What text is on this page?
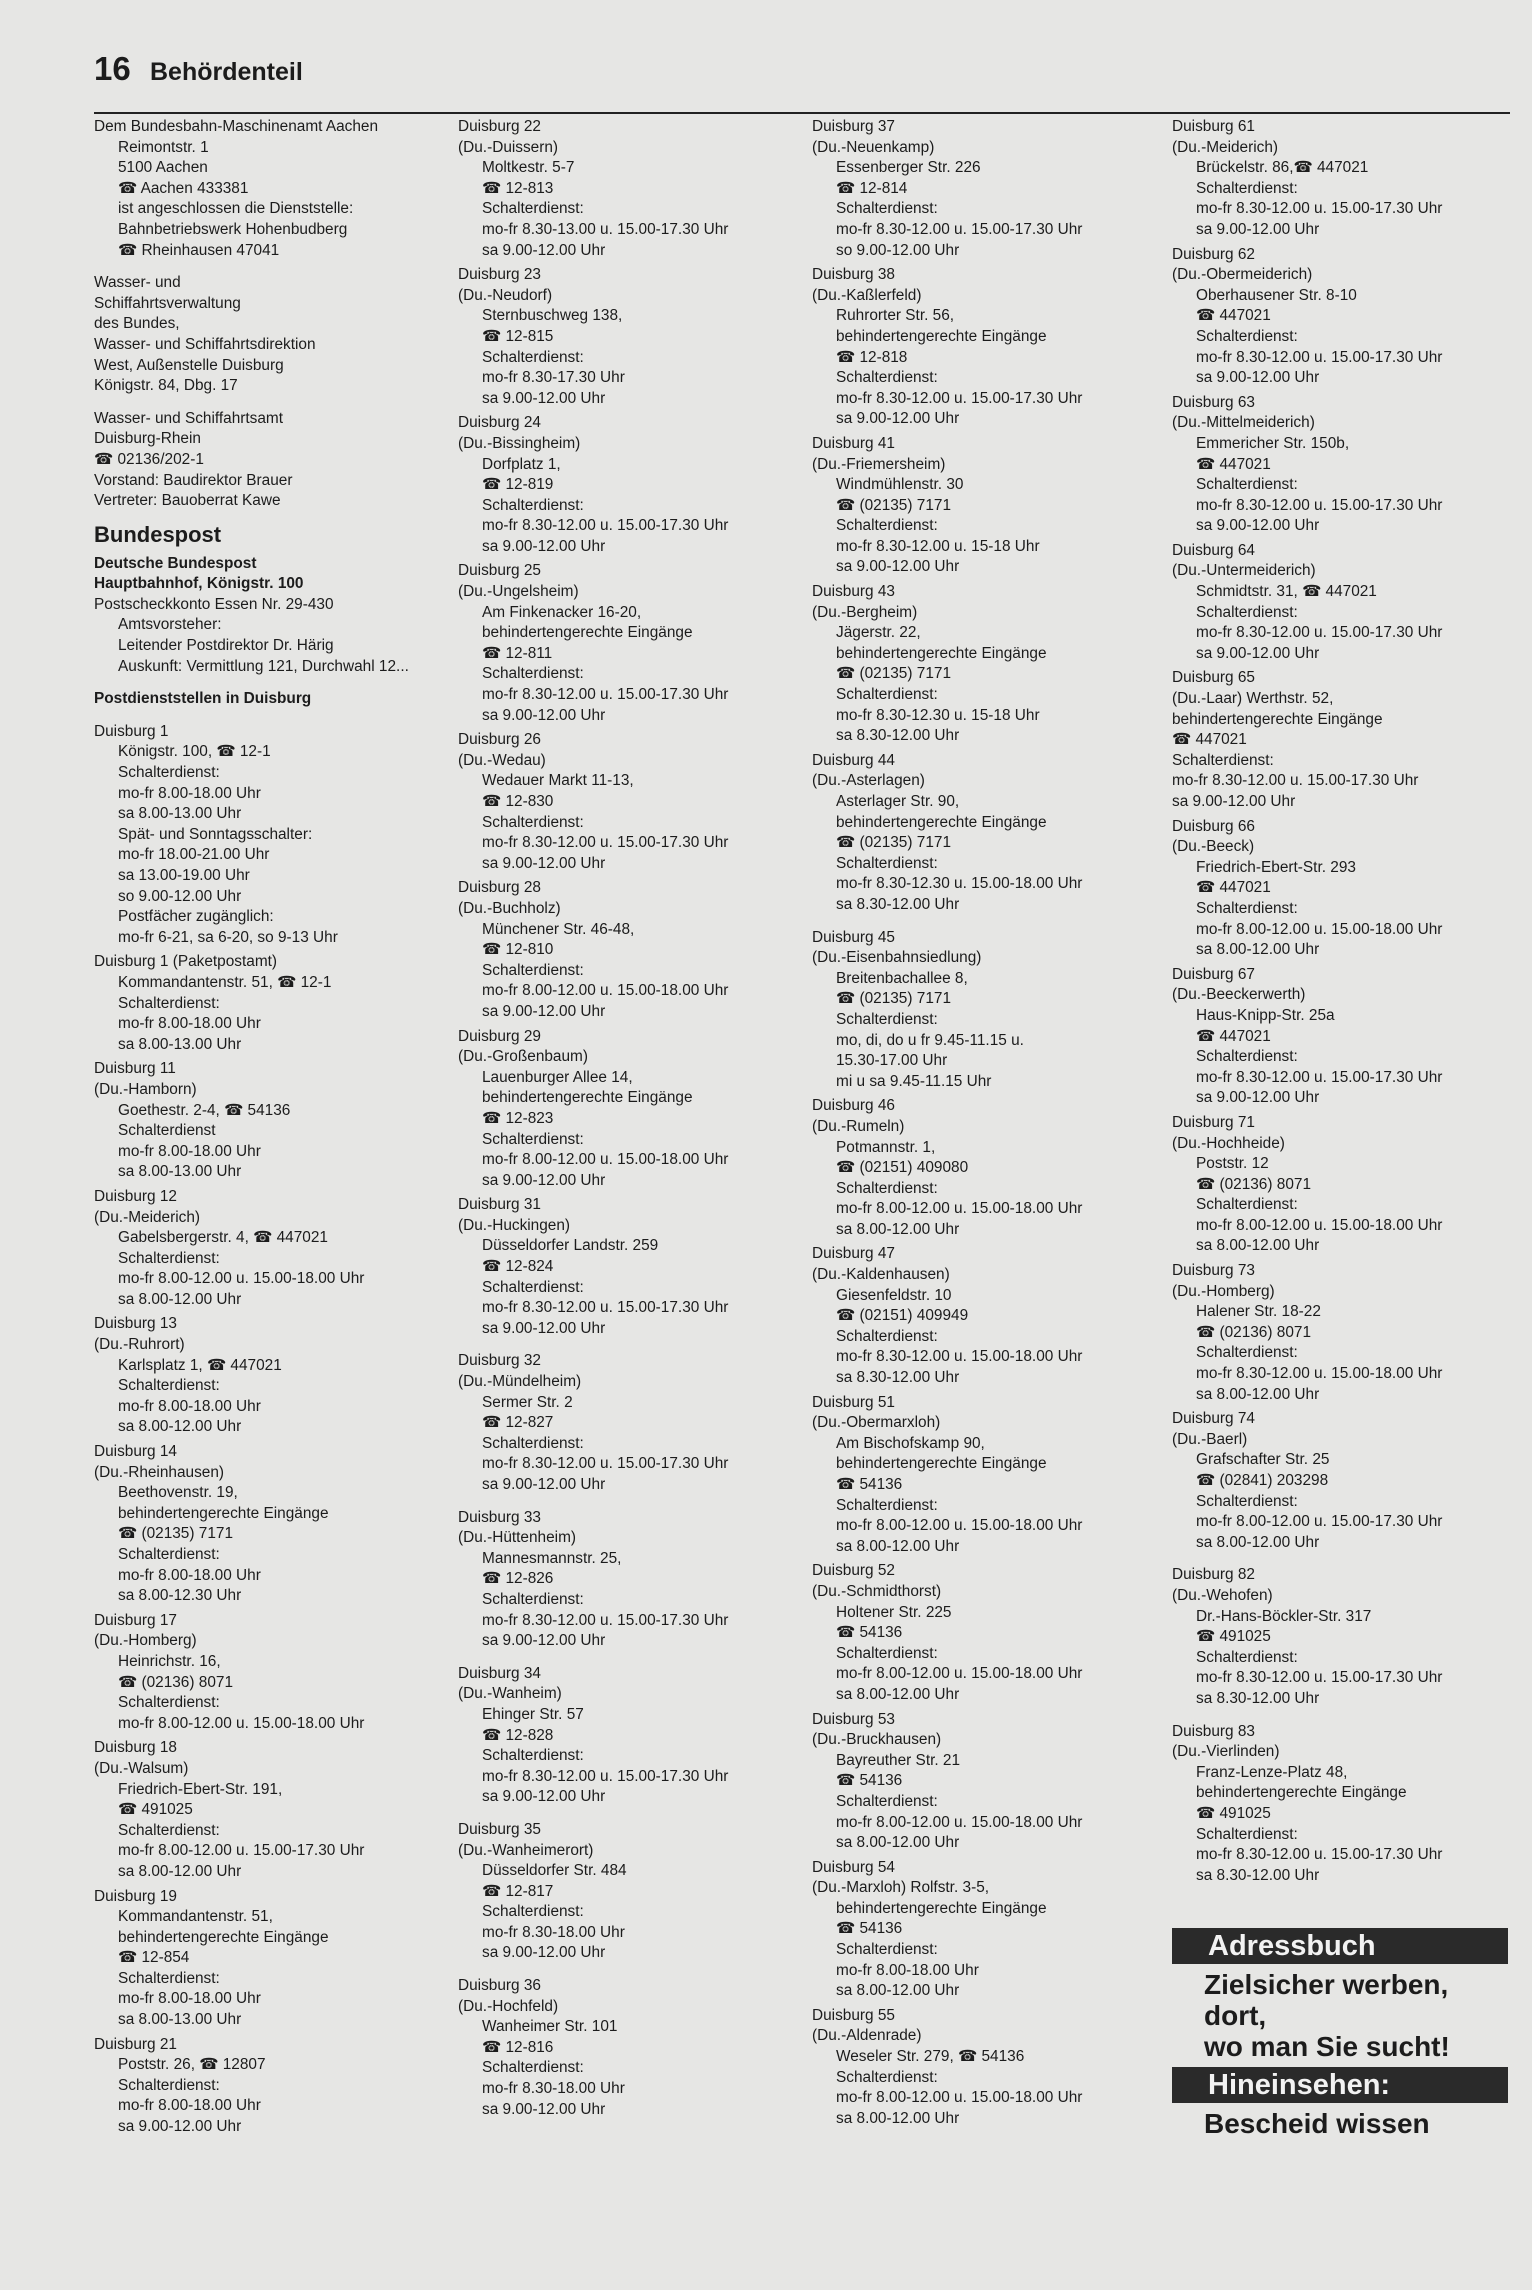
16 Behördenteil
Dem Bundesbahn-Maschinenamt Aachen
Reimontstr. 1
5100 Aachen
☎ Aachen 433381
ist angeschlossen die Dienststelle:
Bahnbetriebswerk Hohenbudberg
☎ Rheinhausen 47041
Wasser- und
Schiffahrtsverwaltung
des Bundes,
Wasser- und Schiffahrtsdirektion
West, Außenstelle Duisburg
Königstr. 84, Dbg. 17
Wasser- und Schiffahrtsamt
Duisburg-Rhein
☎ 02136/202-1
Vorstand: Baudirektor Brauer
Vertreter: Bauoberrat Kawe
Bundespost
Deutsche Bundespost
Hauptbahnhof, Königstr. 100
Postscheckkonto Essen Nr. 29-430
Amtsvorsteher:
Leitender Postdirektor Dr. Härig
Auskunft: Vermittlung 121, Durchwahl 12...
Postdienststellen in Duisburg
Duisburg 1
Königstr. 100, ☎ 12-1
Schalterdienst:
mo-fr 8.00-18.00 Uhr
sa 8.00-13.00 Uhr
Spät- und Sonntagsschalter:
mo-fr 18.00-21.00 Uhr
sa 13.00-19.00 Uhr
so 9.00-12.00 Uhr
Postfächer zugänglich:
mo-fr 6-21, sa 6-20, so 9-13 Uhr
Duisburg 1 (Paketpostamt)
Kommandantenstr. 51, ☎ 12-1
Schalterdienst:
mo-fr 8.00-18.00 Uhr
sa 8.00-13.00 Uhr
Duisburg 11
(Du.-Hamborn)
Goethestr. 2-4, ☎ 54136
Schalterdienst
mo-fr 8.00-18.00 Uhr
sa 8.00-13.00 Uhr
Duisburg 12
(Du.-Meiderich)
Gabelsbergerstr. 4, ☎ 447021
Schalterdienst:
mo-fr 8.00-12.00 u. 15.00-18.00 Uhr
sa 8.00-12.00 Uhr
Duisburg 13
(Du.-Ruhrort)
Karlsplatz 1, ☎ 447021
Schalterdienst:
mo-fr 8.00-18.00 Uhr
sa 8.00-12.00 Uhr
Duisburg 14
(Du.-Rheinhausen)
Beethovenstr. 19,
behindertengerechte Eingänge
☎ (02135) 7171
Schalterdienst:
mo-fr 8.00-18.00 Uhr
sa 8.00-12.30 Uhr
Duisburg 17
(Du.-Homberg)
Heinrichstr. 16,
☎ (02136) 8071
Schalterdienst:
mo-fr 8.00-12.00 u. 15.00-18.00 Uhr
Duisburg 18
(Du.-Walsum)
Friedrich-Ebert-Str. 191,
☎ 491025
Schalterdienst:
mo-fr 8.00-12.00 u. 15.00-17.30 Uhr
sa 8.00-12.00 Uhr
Duisburg 19
Kommandantenstr. 51,
behindertengerechte Eingänge
☎ 12-854
Schalterdienst:
mo-fr 8.00-18.00 Uhr
sa 8.00-13.00 Uhr
Duisburg 21
Poststr. 26, ☎ 12807
Schalterdienst:
mo-fr 8.00-18.00 Uhr
sa 9.00-12.00 Uhr
Duisburg 22
(Du.-Duissern)
Moltkestr. 5-7
☎ 12-813
Schalterdienst:
mo-fr 8.30-13.00 u. 15.00-17.30 Uhr
sa 9.00-12.00 Uhr
Duisburg 23
(Du.-Neudorf)
Sternbuschweg 138,
☎ 12-815
Schalterdienst:
mo-fr 8.30-17.30 Uhr
sa 9.00-12.00 Uhr
Duisburg 24
(Du.-Bissingheim)
Dorfplatz 1,
☎ 12-819
Schalterdienst:
mo-fr 8.30-12.00 u. 15.00-17.30 Uhr
sa 9.00-12.00 Uhr
Duisburg 25
(Du.-Ungelsheim)
Am Finkenacker 16-20,
behindertengerechte Eingänge
☎ 12-811
Schalterdienst:
mo-fr 8.30-12.00 u. 15.00-17.30 Uhr
sa 9.00-12.00 Uhr
Duisburg 26
(Du.-Wedau)
Wedauer Markt 11-13,
☎ 12-830
Schalterdienst:
mo-fr 8.30-12.00 u. 15.00-17.30 Uhr
sa 9.00-12.00 Uhr
Duisburg 28
(Du.-Buchholz)
Münchener Str. 46-48,
☎ 12-810
Schalterdienst:
mo-fr 8.00-12.00 u. 15.00-18.00 Uhr
sa 9.00-12.00 Uhr
Duisburg 29
(Du.-Großenbaum)
Lauenburger Allee 14,
behindertengerechte Eingänge
☎ 12-823
Schalterdienst:
mo-fr 8.00-12.00 u. 15.00-18.00 Uhr
sa 9.00-12.00 Uhr
Duisburg 31
(Du.-Huckingen)
Düsseldorfer Landstr. 259
☎ 12-824
Schalterdienst:
mo-fr 8.30-12.00 u. 15.00-17.30 Uhr
sa 9.00-12.00 Uhr
Duisburg 32
(Du.-Mündelheim)
Sermer Str. 2
☎ 12-827
Schalterdienst:
mo-fr 8.30-12.00 u. 15.00-17.30 Uhr
sa 9.00-12.00 Uhr
Duisburg 33
(Du.-Hüttenheim)
Mannesmannstr. 25,
☎ 12-826
Schalterdienst:
mo-fr 8.30-12.00 u. 15.00-17.30 Uhr
sa 9.00-12.00 Uhr
Duisburg 34
(Du.-Wanheim)
Ehinger Str. 57
☎ 12-828
Schalterdienst:
mo-fr 8.30-12.00 u. 15.00-17.30 Uhr
sa 9.00-12.00 Uhr
Duisburg 35
(Du.-Wanheimerort)
Düsseldorfer Str. 484
☎ 12-817
Schalterdienst:
mo-fr 8.30-18.00 Uhr
sa 9.00-12.00 Uhr
Duisburg 36
(Du.-Hochfeld)
Wanheimer Str. 101
☎ 12-816
Schalterdienst:
mo-fr 8.30-18.00 Uhr
sa 9.00-12.00 Uhr
Duisburg 37
(Du.-Neuenkamp)
Essenberger Str. 226
☎ 12-814
Schalterdienst:
mo-fr 8.30-12.00 u. 15.00-17.30 Uhr
so 9.00-12.00 Uhr
Duisburg 38
(Du.-Kaßlerfeld)
Ruhrorter Str. 56,
behindertengerechte Eingänge
☎ 12-818
Schalterdienst:
mo-fr 8.30-12.00 u. 15.00-17.30 Uhr
sa 9.00-12.00 Uhr
Duisburg 41
(Du.-Friemersheim)
Windmühlenstr. 30
☎ (02135) 7171
Schalterdienst:
mo-fr 8.30-12.00 u. 15-18 Uhr
sa 9.00-12.00 Uhr
Duisburg 43
(Du.-Bergheim)
Jägerstr. 22,
behindertengerechte Eingänge
☎ (02135) 7171
Schalterdienst:
mo-fr 8.30-12.30 u. 15-18 Uhr
sa 8.30-12.00 Uhr
Duisburg 44
(Du.-Asterlagen)
Asterlager Str. 90,
behindertengerechte Eingänge
☎ (02135) 7171
Schalterdienst:
mo-fr 8.30-12.30 u. 15.00-18.00 Uhr
sa 8.30-12.00 Uhr
Duisburg 45
(Du.-Eisenbahnsiedlung)
Breitenbachallee 8,
☎ (02135) 7171
Schalterdienst:
mo, di, do u fr 9.45-11.15 u.
15.30-17.00 Uhr
mi u sa 9.45-11.15 Uhr
Duisburg 46
(Du.-Rumeln)
Potmannstr. 1,
☎ (02151) 409080
Schalterdienst:
mo-fr 8.00-12.00 u. 15.00-18.00 Uhr
sa 8.00-12.00 Uhr
Duisburg 47
(Du.-Kaldenhausen)
Giesenfeldstr. 10
☎ (02151) 409949
Schalterdienst:
mo-fr 8.30-12.00 u. 15.00-18.00 Uhr
sa 8.30-12.00 Uhr
Duisburg 51
(Du.-Obermarxloh)
Am Bischofskamp 90,
behindertengerechte Eingänge
☎ 54136
Schalterdienst:
mo-fr 8.00-12.00 u. 15.00-18.00 Uhr
sa 8.00-12.00 Uhr
Duisburg 52
(Du.-Schmidthorst)
Holtener Str. 225
☎ 54136
Schalterdienst:
mo-fr 8.00-12.00 u. 15.00-18.00 Uhr
sa 8.00-12.00 Uhr
Duisburg 53
(Du.-Bruckhausen)
Bayreuther Str. 21
☎ 54136
Schalterdienst:
mo-fr 8.00-12.00 u. 15.00-18.00 Uhr
sa 8.00-12.00 Uhr
Duisburg 54
(Du.-Marxloh) Rolfstr. 3-5,
behindertengerechte Eingänge
☎ 54136
Schalterdienst:
mo-fr 8.00-18.00 Uhr
sa 8.00-12.00 Uhr
Duisburg 55
(Du.-Aldenrade)
Weseler Str. 279, ☎ 54136
Schalterdienst:
mo-fr 8.00-12.00 u. 15.00-18.00 Uhr
sa 8.00-12.00 Uhr
Duisburg 61
(Du.-Meiderich)
Brückelstr. 86,☎ 447021
Schalterdienst:
mo-fr 8.30-12.00 u. 15.00-17.30 Uhr
sa 9.00-12.00 Uhr
Duisburg 62
(Du.-Obermeiderich)
Oberhausener Str. 8-10
☎ 447021
Schalterdienst:
mo-fr 8.30-12.00 u. 15.00-17.30 Uhr
sa 9.00-12.00 Uhr
Duisburg 63
(Du.-Mittelmeiderich)
Emmericher Str. 150b,
☎ 447021
Schalterdienst:
mo-fr 8.30-12.00 u. 15.00-17.30 Uhr
sa 9.00-12.00 Uhr
Duisburg 64
(Du.-Untermeiderich)
Schmidtstr. 31, ☎ 447021
Schalterdienst:
mo-fr 8.30-12.00 u. 15.00-17.30 Uhr
sa 9.00-12.00 Uhr
Duisburg 65
(Du.-Laar) Werthstr. 52,
behindertengerechte Eingänge
☎ 447021
Schalterdienst:
mo-fr 8.30-12.00 u. 15.00-17.30 Uhr
sa 9.00-12.00 Uhr
Duisburg 66
(Du.-Beeck)
Friedrich-Ebert-Str. 293
☎ 447021
Schalterdienst:
mo-fr 8.00-12.00 u. 15.00-18.00 Uhr
sa 8.00-12.00 Uhr
Duisburg 67
(Du.-Beeckerwerth)
Haus-Knipp-Str. 25a
☎ 447021
Schalterdienst:
mo-fr 8.30-12.00 u. 15.00-17.30 Uhr
sa 9.00-12.00 Uhr
Duisburg 71
(Du.-Hochheide)
Poststr. 12
☎ (02136) 8071
Schalterdienst:
mo-fr 8.00-12.00 u. 15.00-18.00 Uhr
sa 8.00-12.00 Uhr
Duisburg 73
(Du.-Homberg)
Halener Str. 18-22
☎ (02136) 8071
Schalterdienst:
mo-fr 8.30-12.00 u. 15.00-18.00 Uhr
sa 8.00-12.00 Uhr
Duisburg 74
(Du.-Baerl)
Grafschafter Str. 25
☎ (02841) 203298
Schalterdienst:
mo-fr 8.00-12.00 u. 15.00-17.30 Uhr
sa 8.00-12.00 Uhr
Duisburg 82
(Du.-Wehofen)
Dr.-Hans-Böckler-Str. 317
☎ 491025
Schalterdienst:
mo-fr 8.30-12.00 u. 15.00-17.30 Uhr
sa 8.30-12.00 Uhr
Duisburg 83
(Du.-Vierlinden)
Franz-Lenze-Platz 48,
behindertengerechte Eingänge
☎ 491025
Schalterdienst:
mo-fr 8.30-12.00 u. 15.00-17.30 Uhr
sa 8.30-12.00 Uhr
Adressbuch
Zielsicher werben,
dort,
wo man Sie sucht!
Hineinsehen:
Bescheid wissen
